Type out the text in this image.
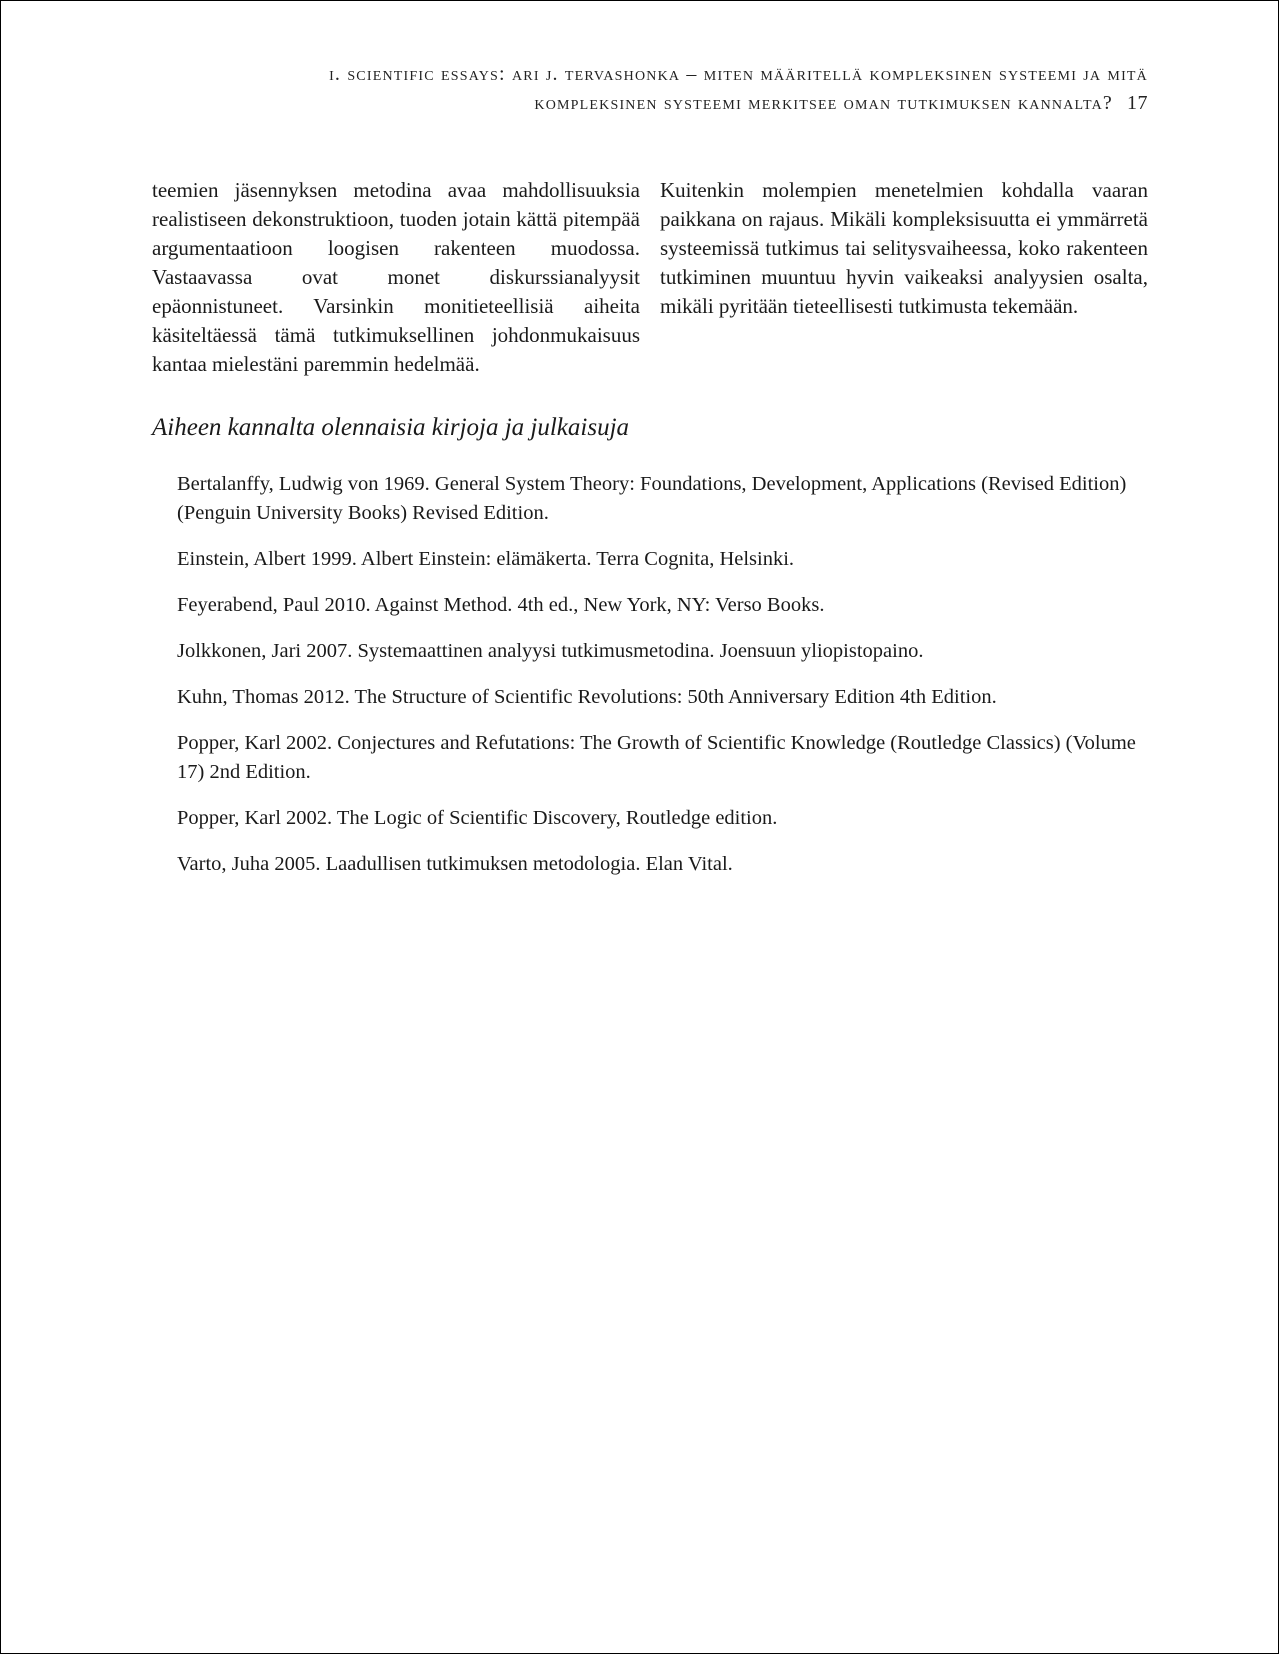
i. scientific essays: ari j. tervashonka – miten määritellä kompleksinen systeemi ja mitä
kompleksinen systeemi merkitsee oman tutkimuksen kannalta? 17

teemien jäsennyksen metodina avaa mahdollisuuksia realistiseen dekonstruktioon, tuoden jotain kättä pitempää argumentaatioon loogisen rakenteen muodossa. Vastaavassa ovat monet diskurssianalyysit epäonnistuneet. Varsinkin monitieteellisiä aiheita käsiteltäessä tämä tutkimuksellinen johdonmukaisuus kantaa mielestäni paremmin hedelmää.

Kuitenkin molempien menetelmien kohdalla vaaran paikkana on rajaus. Mikäli kompleksisuutta ei ymmärretä systeemissä tutkimus tai selitysvaiheessa, koko rakenteen tutkiminen muuntuu hyvin vaikeaksi analyysien osalta, mikäli pyritään tieteellisesti tutkimusta tekemään.

Aiheen kannalta olennaisia kirjoja ja julkaisuja
Bertalanffy, Ludwig von 1969. General System Theory: Foundations, Development, Applications (Revised Edition) (Penguin University Books) Revised Edition.
Einstein, Albert 1999. Albert Einstein: elämäkerta. Terra Cognita, Helsinki.
Feyerabend, Paul 2010. Against Method. 4th ed., New York, NY: Verso Books.
Jolkkonen, Jari 2007. Systemaattinen analyysi tutkimusmetodina. Joensuun yliopistopaino.
Kuhn, Thomas 2012. The Structure of Scientific Revolutions: 50th Anniversary Edition 4th Edition.
Popper, Karl 2002. Conjectures and Refutations: The Growth of Scientific Knowledge (Routledge Classics) (Volume 17) 2nd Edition.
Popper, Karl 2002. The Logic of Scientific Discovery, Routledge edition.
Varto, Juha 2005. Laadullisen tutkimuksen metodologia. Elan Vital.
